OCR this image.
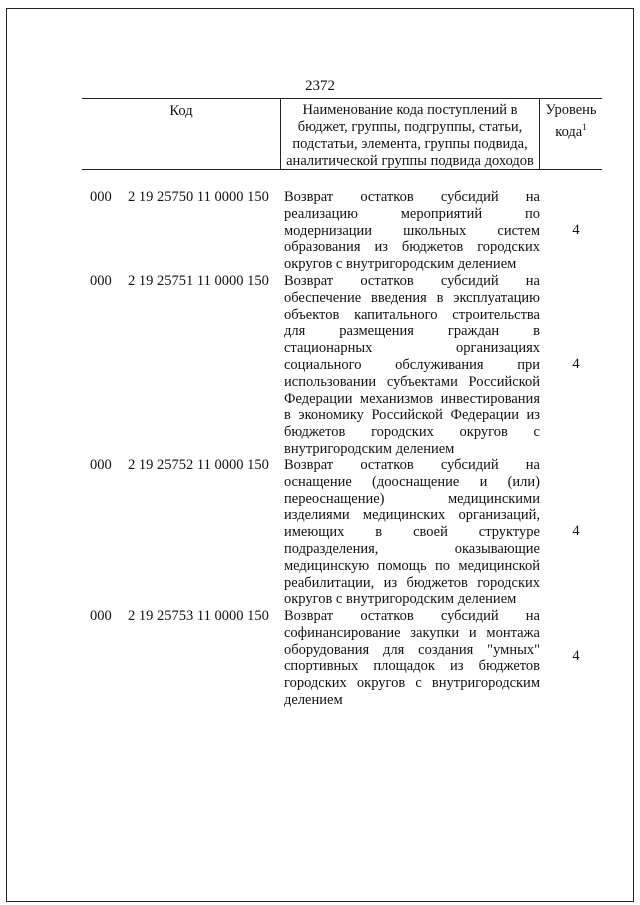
2372
Код	Наименование кода поступлений в бюджет, группы, подгруппы, статьи, подстатьи, элемента, группы подвида, аналитической группы подвида доходов
Уровень кода$^1$
000 2 19 25750 11 0000 150 Возврат остатков субсидий на реализацию мероприятий по модернизации школьных систем образования из бюджетов городских округов с внутригородским делением
4
000 2 19 25751 11 0000 150 Возврат остатков субсидий на обеспечение введения в эксплуатацию объектов капитального строительства для размещения граждан в стационарных организациях социального обслуживания при использовании субъектами Российской Федерации механизмов инвестирования в экономику Российской Федерации из бюджетов городских округов с внутригородским делением
4
000 2 19 25752 11 0000 150 Возврат остатков субсидий на оснащение (дооснащение и (или) переоснащение) медицинскими изделиями медицинских организаций, имеющих в своей структуре подразделения, оказывающие медицинскую помощь по медицинской реабилитации, из бюджетов городских округов с внутригородским делением
4
000 2 19 25753 11 0000 150 Возврат остатков субсидий на софинансирование закупки и монтажа оборудования для создания "умных" спортивных площадок из бюджетов городских округов с внутригородским делением
4
